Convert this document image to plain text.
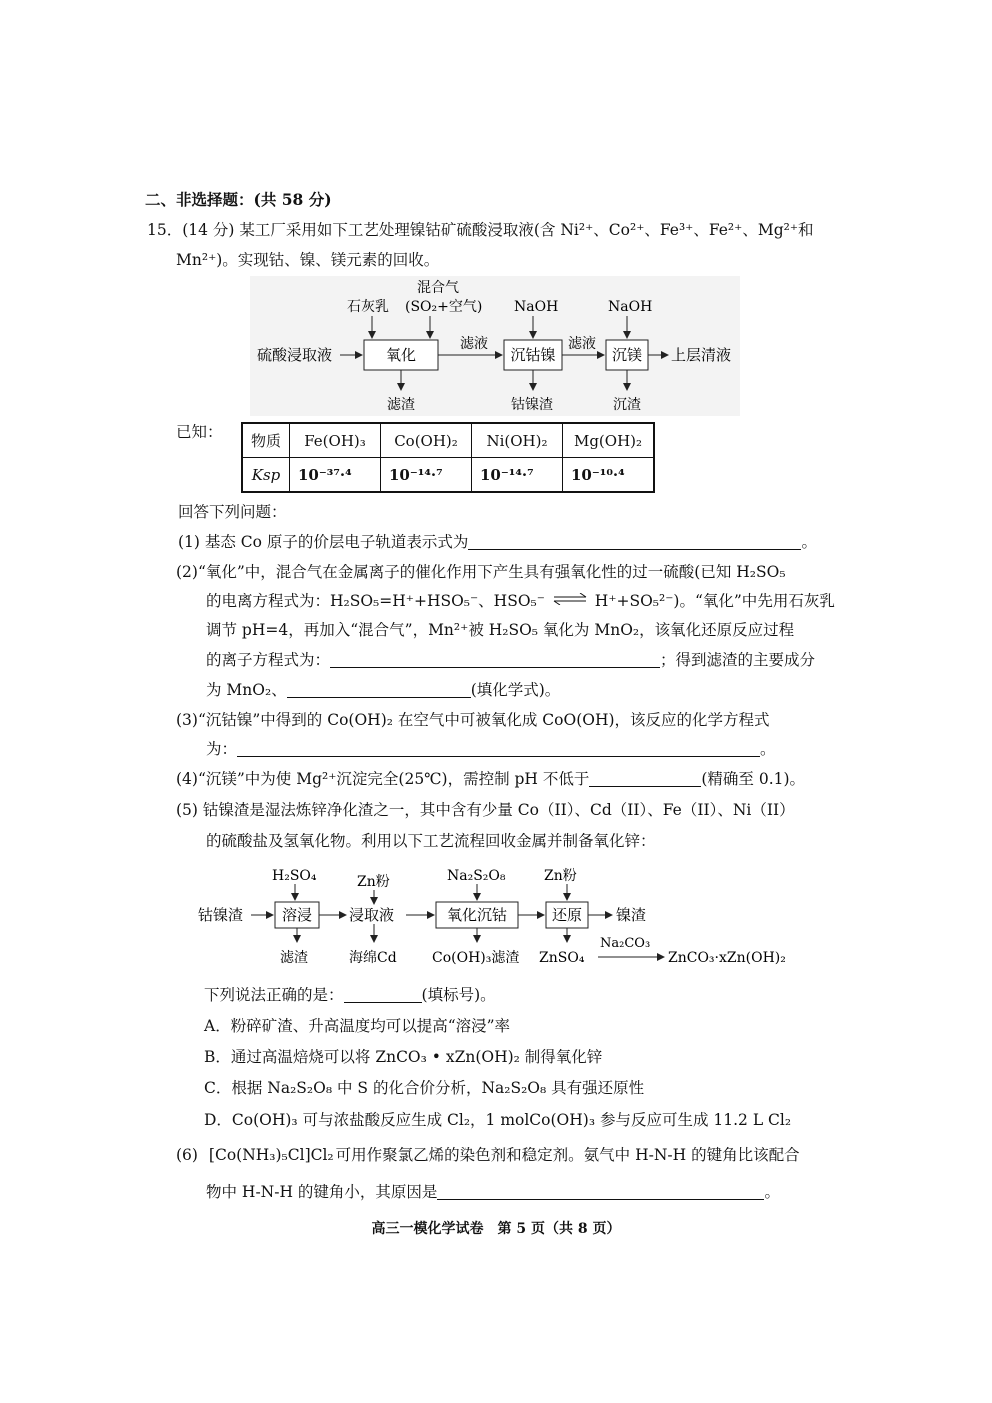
二、非选择题：(共 58 分)
15．(14 分) 某工厂采用如下工艺处理镍钴矿硫酸浸取液(含 Ni²⁺、Co²⁺、Fe³⁺、Fe²⁺、Mg²⁺和
Mn²⁺)。实现钴、镍、镁元素的回收。
硫酸浸取液	氧化
石灰乳
混合气
(SO₂+空气)
滤渣
滤液
沉钴镍
NaOH
钴镍渣
滤液
沉镁
NaOH
沉渣
上层清液
已知： 物质	Fe(OH)₃	Co(OH)₂	Ni(OH)₂	Mg(OH)₂
Ksp	10⁻³⁷·⁴	10⁻¹⁴·⁷	10⁻¹⁴·⁷	10⁻¹⁰·⁴
回答下列问题：
(1) 基态 Co 原子的价层电子轨道表示式为	。
(2)“氧化”中，混合气在金属离子的催化作用下产生具有强氧化性的过一硫酸(已知 H₂SO₅
的电离方程式为：H₂SO₅=H⁺+HSO₅⁻、HSO₅⁻ ⇌ H⁺+SO₅²⁻)。“氧化”中先用石灰乳
调节 pH=4，再加入“混合气”，Mn²⁺被 H₂SO₅ 氧化为 MnO₂，该氧化还原反应过程
的离子方程式为：	；得到滤渣的主要成分
为 MnO₂、	(填化学式)。
(3)“沉钴镍”中得到的 Co(OH)₂ 在空气中可被氧化成 CoO(OH)，该反应的化学方程式
为：	。
(4)“沉镁”中为使 Mg²⁺沉淀完全(25℃)，需控制 pH 不低于	(精确至 0.1)。
(5) 钴镍渣是湿法炼锌净化渣之一，其中含有少量 Co（II）、Cd（II）、Fe（II）、Ni（II）
的硫酸盐及氢氧化物。利用以下工艺流程回收金属并制备氧化锌：
钴镍渣	溶浸
H₂SO₄
滤渣
Zn粉
浸取液
海绵Cd
氧化沉钴
Na₂S₂O₈
Co(OH)₃滤渣
还原
Zn粉
镍渣
ZnSO₄
Na₂CO₃
ZnCO₃·xZn(OH)₂
下列说法正确的是：	(填标号)。
A．粉碎矿渣、升高温度均可以提高“溶浸”率
B．通过高温焙烧可以将 ZnCO₃ • xZn(OH)₂ 制得氧化锌
C．根据 Na₂S₂O₈ 中 S 的化合价分析，Na₂S₂O₈ 具有强还原性
D．Co(OH)₃ 可与浓盐酸反应生成 Cl₂，1 molCo(OH)₃ 参与反应可生成 11.2 L Cl₂
(6) [Co(NH₃)₅Cl]Cl₂ 可用作聚氯乙烯的染色剂和稳定剂。氨气中 H-N-H 的键角比该配合
物中 H-N-H 的键角小，其原因是	。
高三一模化学试卷　第 5 页（共 8 页）
